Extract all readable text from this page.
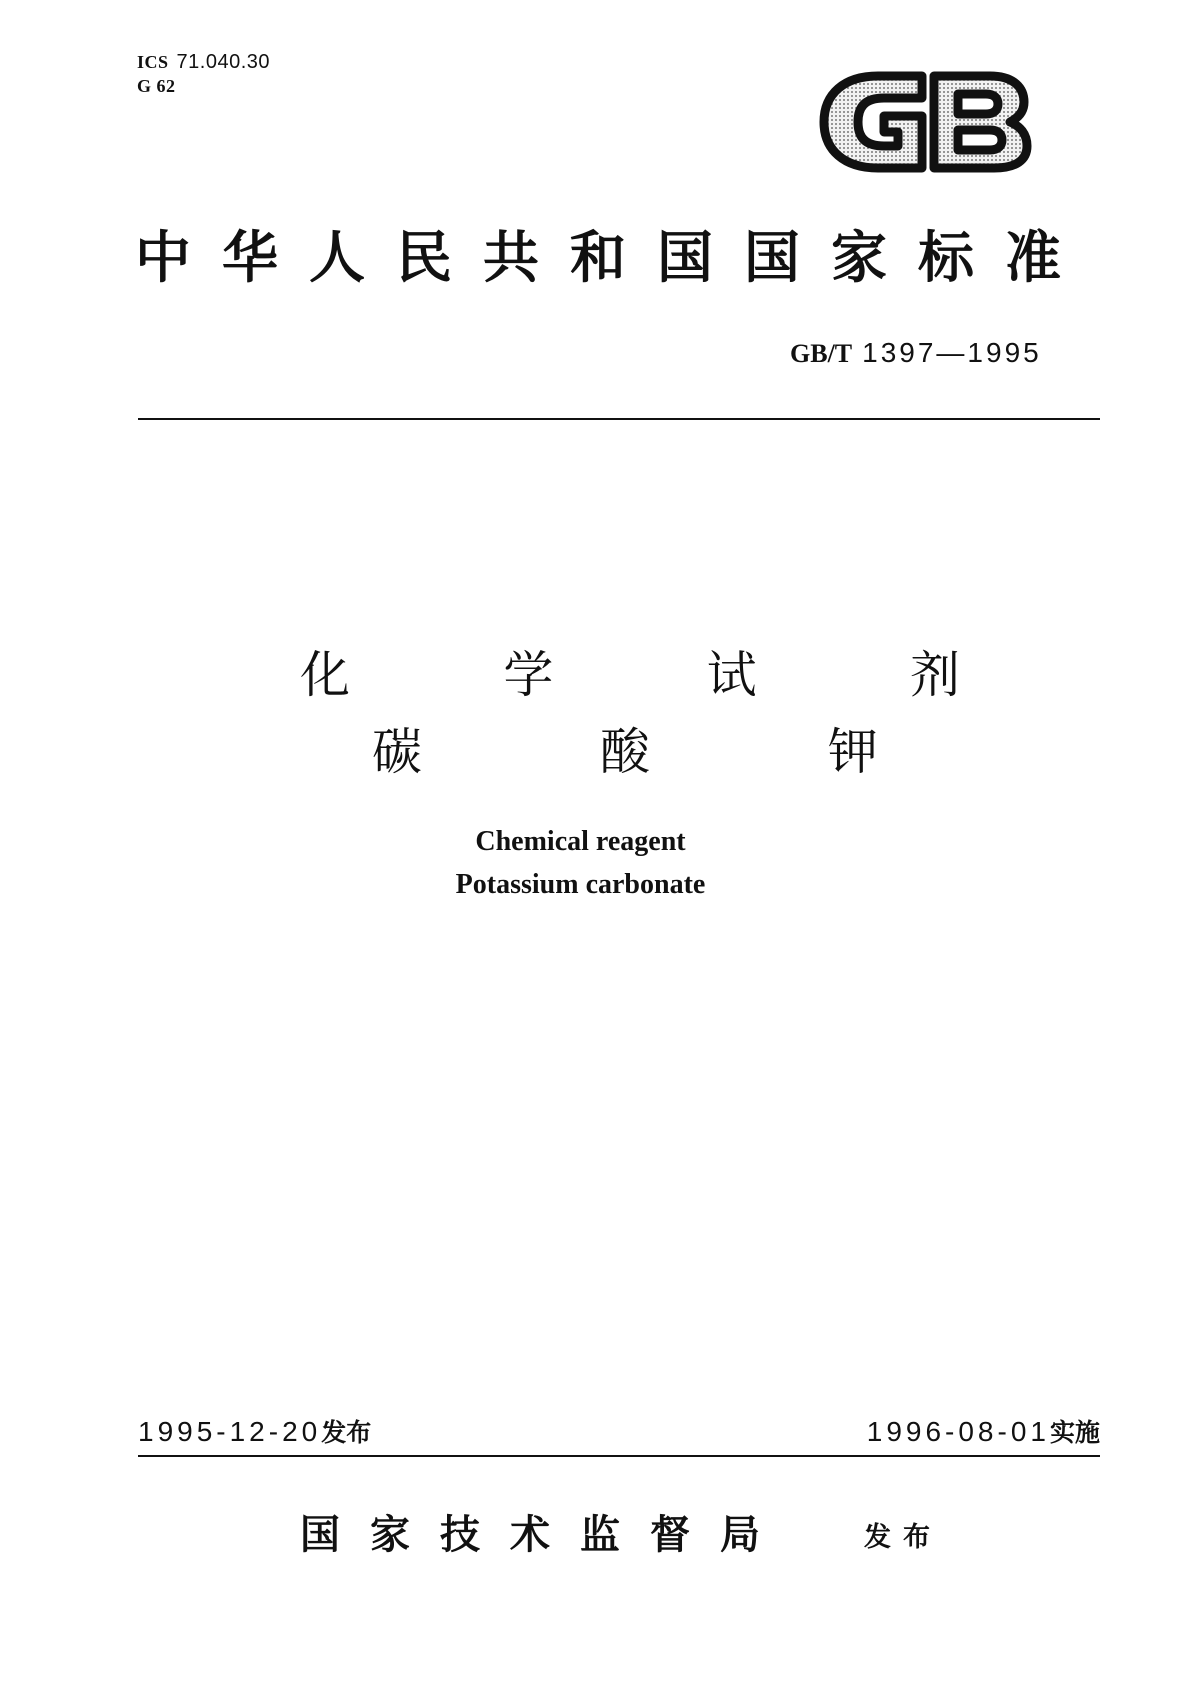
ICS 71.040.30
G 62
中华人民共和国国家标准
GB/T 1397—1995
化	学	试	剂
碳	酸	钾
Chemical reagent
Potassium carbonate
1995-12-20发布	1996-08-01实施
国家技术监督局	发布
